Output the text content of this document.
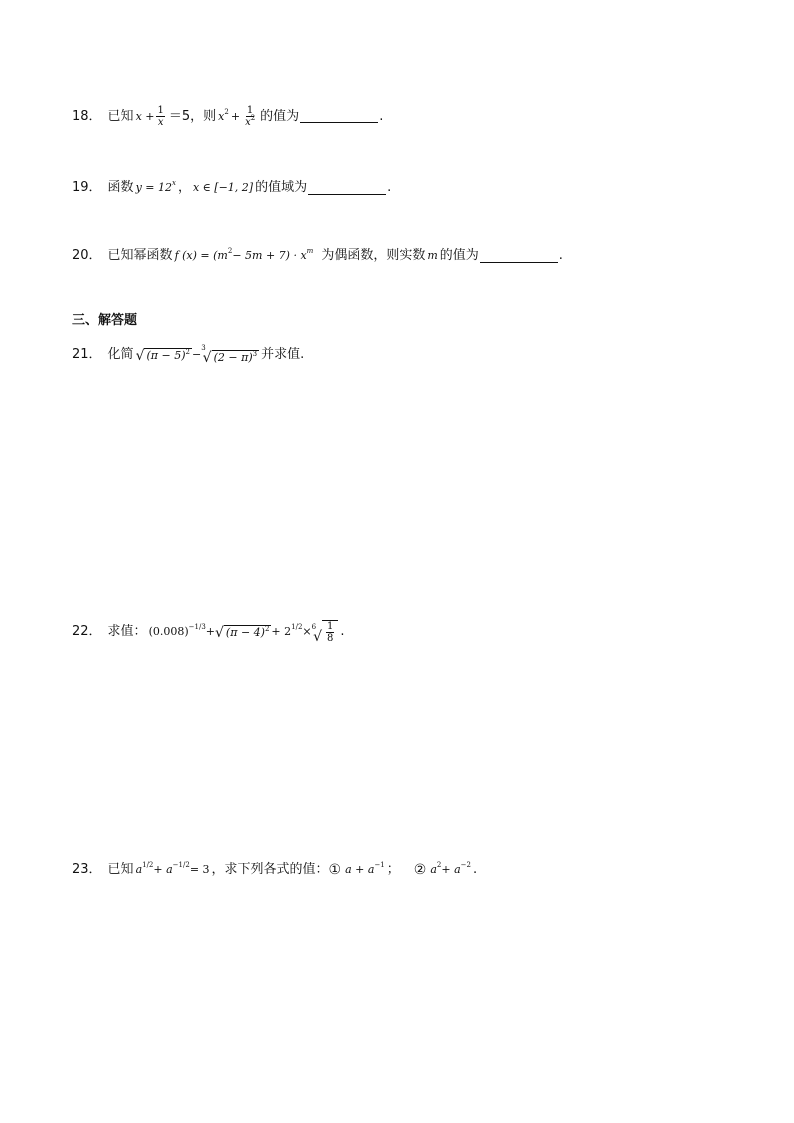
18． 已知 $x + \frac{1}{x} =5$ ，则 $x^2 + \frac{1}{x^2}$ 的值为	.
19． 函数 $y = 12^x$ ， x ∈ [−1, 2] 的值域为	.
20． 已知幂函数 f $(x) = (m^2 - 5m + 7) \cdot x^m$ 为偶函数，则实数 m 的值为	.
三、解答题
21． 化简 √ $(\pi - 5)^2 - 3$
√ $(2 - \pi)^3$ 并求值.
22． 求值： $(0.008)^{-1/3}$ + √ $(\pi - 4)^2 + 2^{1/2} \times 6$
√ $\frac{1}{8}$ .
23． 已知 $a^{1/2} + a^{-1/2} = 3$ ，求下列各式的值： ① $a + a^{-1}$ ； ② $a^2 + a^{-2}$ .
